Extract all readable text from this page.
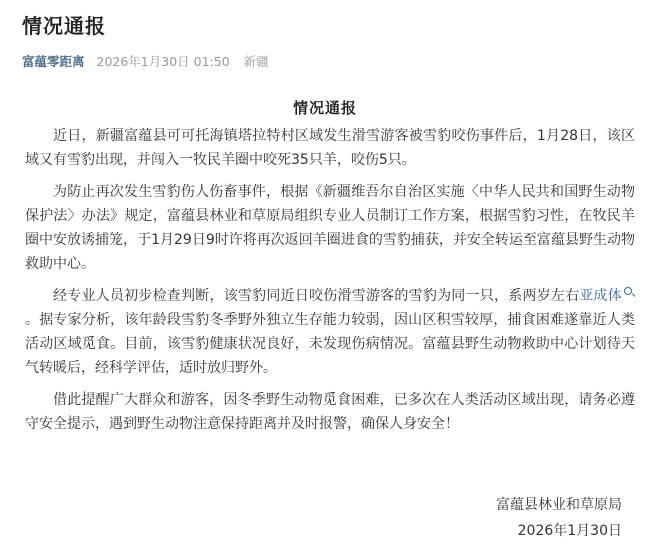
情况通报
富蕴零距离 2026年1月30日 01:50 新疆
情况通报

近日，新疆富蕴县可可托海镇塔拉特村区域发生滑雪游客被雪豹咬伤事件后，1月28日，该区域又有雪豹出现，并闯入一牧民羊圈中咬死35只羊，咬伤5只。

为防止再次发生雪豹伤人伤畜事件，根据《新疆维吾尔自治区实施〈中华人民共和国野生动物保护法〉办法》规定，富蕴县林业和草原局组织专业人员制订工作方案，根据雪豹习性，在牧民羊圈中安放诱捕笼，于1月29日9时许将再次返回羊圈进食的雪豹捕获，并安全转运至富蕴县野生动物救助中心。

经专业人员初步检查判断，该雪豹同近日咬伤滑雪游客的雪豹为同一只，系两岁左右亚成体。据专家分析，该年龄段雪豹冬季野外独立生存能力较弱，因山区积雪较厚，捕食困难遂靠近人类活动区域觅食。目前，该雪豹健康状况良好，未发现伤病情况。富蕴县野生动物救助中心计划待天气转暖后，经科学评估，适时放归野外。

借此提醒广大群众和游客，因冬季野生动物觅食困难，已多次在人类活动区域出现，请务必遵守安全提示，遇到野生动物注意保持距离并及时报警，确保人身安全！

富蕴县林业和草原局
2026年1月30日
